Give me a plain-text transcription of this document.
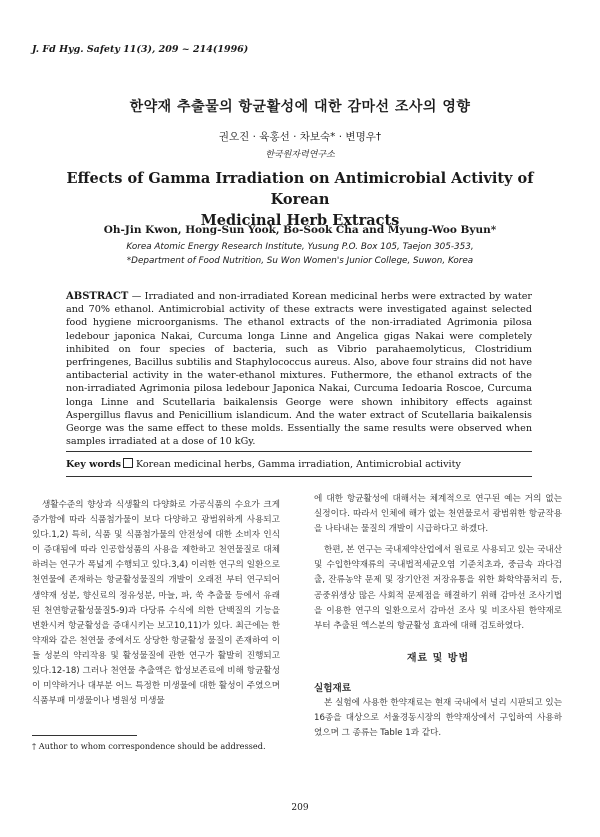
J. Fd Hyg. Safety 11(3), 209 ~ 214(1996)
한약재 추출물의 항균활성에 대한 감마선 조사의 영향
권오진 · 육홍선 · 차보숙* · 변명우†
한국원자력연구소
Effects of Gamma Irradiation on Antimicrobial Activity of Korean
Medicinal Herb Extracts
Oh-Jin Kwon, Hong-Sun Yook, Bo-Sook Cha and Myung-Woo Byun*
Korea Atomic Energy Research Institute, Yusung P.O. Box 105, Taejon 305-353,
*Department of Food Nutrition, Su Won Women's Junior College, Suwon, Korea
ABSTRACT — Irradiated and non-irradiated Korean medicinal herbs were extracted by water and 70% ethanol. Antimicrobial activity of these extracts were investigated against selected food hygiene microorganisms. The ethanol extracts of the non-irradiated Agrimonia pilosa ledebour japonica Nakai, Curcuma longa Linne and Angelica gigas Nakai were completely inhibited on four species of bacteria, such as Vibrio parahaemolyticus, Clostridium perfringenes, Bacillus subtilis and Staphylococcus aureus. Also, above four strains did not have antibacterial activity in the water-ethanol mixtures. Futhermore, the ethanol extracts of the non-irradiated Agrimonia pilosa ledebour Japonica Nakai, Curcuma Iedoaria Roscoe, Curcuma longa Linne and Scutellaria baikalensis George were shown inhibitory effects against Aspergillus flavus and Penicillium islandicum. And the water extract of Scutellaria baikalensis George was the same effect to these molds. Essentially the same results were observed when samples irradiated at a dose of 10 kGy.
Key words Korean medicinal herbs, Gamma irradiation, Antimicrobial activity

생활수준의 향상과 식생활의 다양화로 가공식품의 수요가 크게 증가함에 따라 식품첨가물이 보다 다양하고 광범위하게 사용되고 있다.1,2) 특히, 식품 및 식품첨가물의 안전성에 대한 소비자 인식이 증대됨에 따라 인공합성품의 사용을 제한하고 천연물질로 대체하려는 연구가 폭넓게 수행되고 있다.3,4) 이러한 연구의 일환으로 천연물에 존재하는 항균활성물질의 개발이 오래전 부터 연구되어 생약재 성분, 향신료의 정유성분, 마늘, 파, 쑥 추출물 등에서 유래된 천연항균활성물질5-9)과 다당류 수식에 의한 단백질의 기능을 변환시켜 항균활성을 증대시키는 보고10,11)가 있다. 최근에는 한약재와 같은 천연물 중에서도 상당한 항균활성 물질이 존재하여 이들 성분의 약리작용 및 활성물질에 관한 연구가 활발히 진행되고 있다.12-18) 그러나 천연물 추출액은 합성보존료에 비해 항균활성이 미약하거나 대부분 어느 특정한 미생물에 대한 활성이 주였으며 식품부패 미생물이나 병원성 미생물

에 대한 항균활성에 대해서는 체계적으로 연구된 예는 거의 없는 실정이다. 따라서 인체에 해가 없는 천연물로서 광범위한 항균작용을 나타내는 물질의 개발이 시급하다고 하겠다.

한편, 본 연구는 국내제약산업에서 원료로 사용되고 있는 국내산 및 수입한약재류의 국내법적세균오염 기준치초과, 중금속 과다검출, 잔류농약 문제 및 장기안전 저장유통을 위한 화학약품처리 등, 공중위생상 많은 사회적 문제점을 해결하기 위해 감마선 조사기법을 이용한 연구의 일환으로서 감마선 조사 및 비조사된 한약재로 부터 추출된 엑스분의 항균활성 효과에 대해 검토하였다.

재료 및 방법
실험재료

본 실험에 사용한 한약재료는 현재 국내에서 널리 시판되고 있는 16종을 대상으로 서울경동시장의 한약재상에서 구입하여 사용하였으며 그 종류는 Table 1과 같다.

† Author to whom correspondence should be addressed.
209
